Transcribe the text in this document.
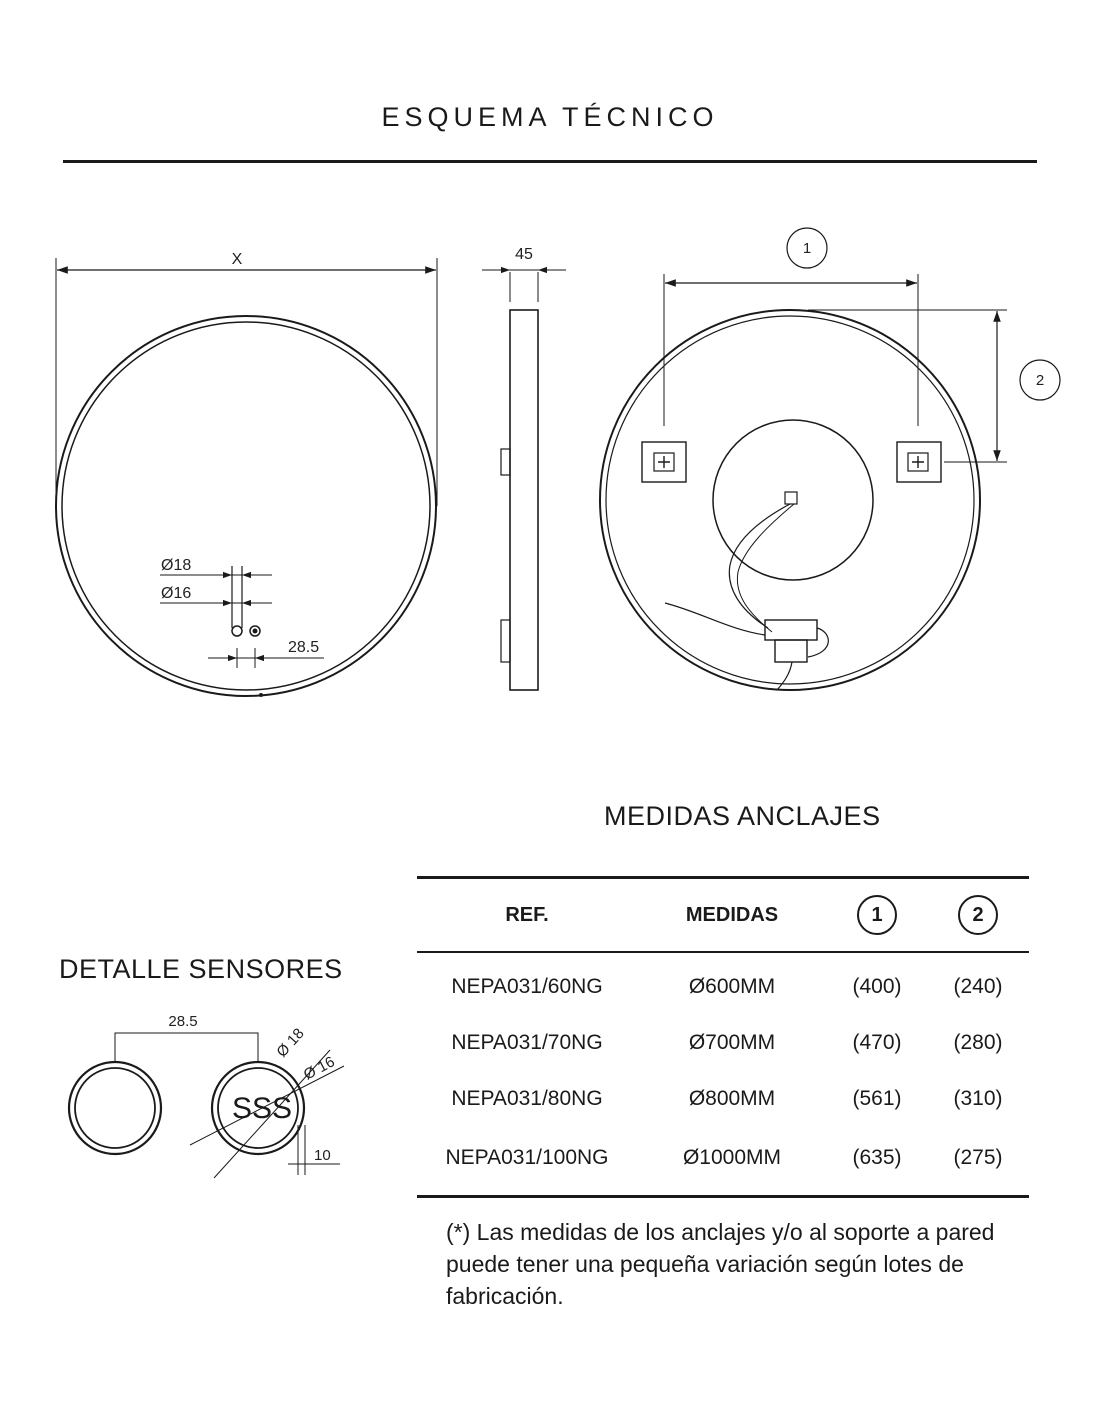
ESQUEMA TÉCNICO
X
Ø18
Ø16
28.5
45	1
2
SSS
28.5
Ø 18
Ø 16
10
MEDIDAS ANCLAJES
DETALLE SENSORES
REF.	MEDIDAS	1	2

NEPA031/60NG	Ø600MM	(400)	(240)
NEPA031/70NG	Ø700MM	(470)	(280)
NEPA031/80NG	Ø800MM	(561)	(310)
NEPA031/100NG	Ø1000MM	(635)	(275)
(*) Las medidas de los anclajes y/o al soporte a pared puede tener una pequeña variación según lotes de fabricación.
